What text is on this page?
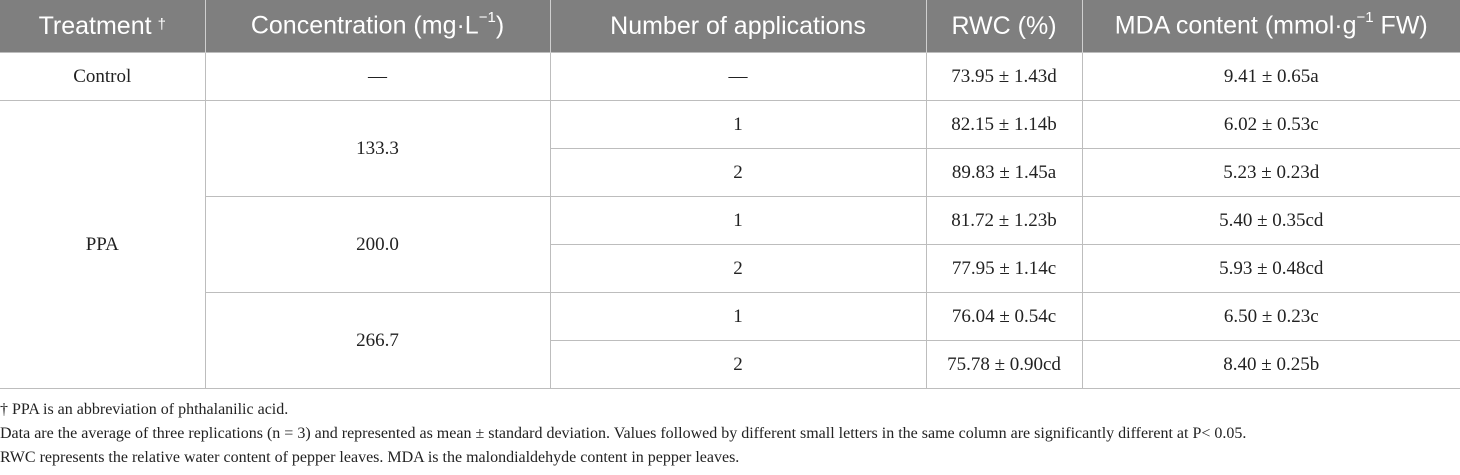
Treatment †	Concentration $(mg\cdot L^{-1})$	Number of applications	RWC (%)	MDA content ($mmol\cdot g^{-1}$ FW)
Control	—	—	73.95 ± 1.43d	9.41 ± 0.65a
PPA	133.3	1	82.15 ± 1.14b	6.02 ± 0.53c
		2	89.83 ± 1.45a	5.23 ± 0.23d
	200.0	1	81.72 ± 1.23b	5.40 ± 0.35cd
		2	77.95 ± 1.14c	5.93 ± 0.48cd
	266.7	1	76.04 ± 0.54c	6.50 ± 0.23c
		2	75.78 ± 0.90cd	8.40 ± 0.25b

† PPA is an abbreviation of phthalanilic acid.

Data are the average of three replications (n = 3) and represented as mean ± standard deviation. Values followed by different small letters in the same column are significantly different at P< 0.05.

RWC represents the relative water content of pepper leaves. MDA is the malondialdehyde content in pepper leaves.
